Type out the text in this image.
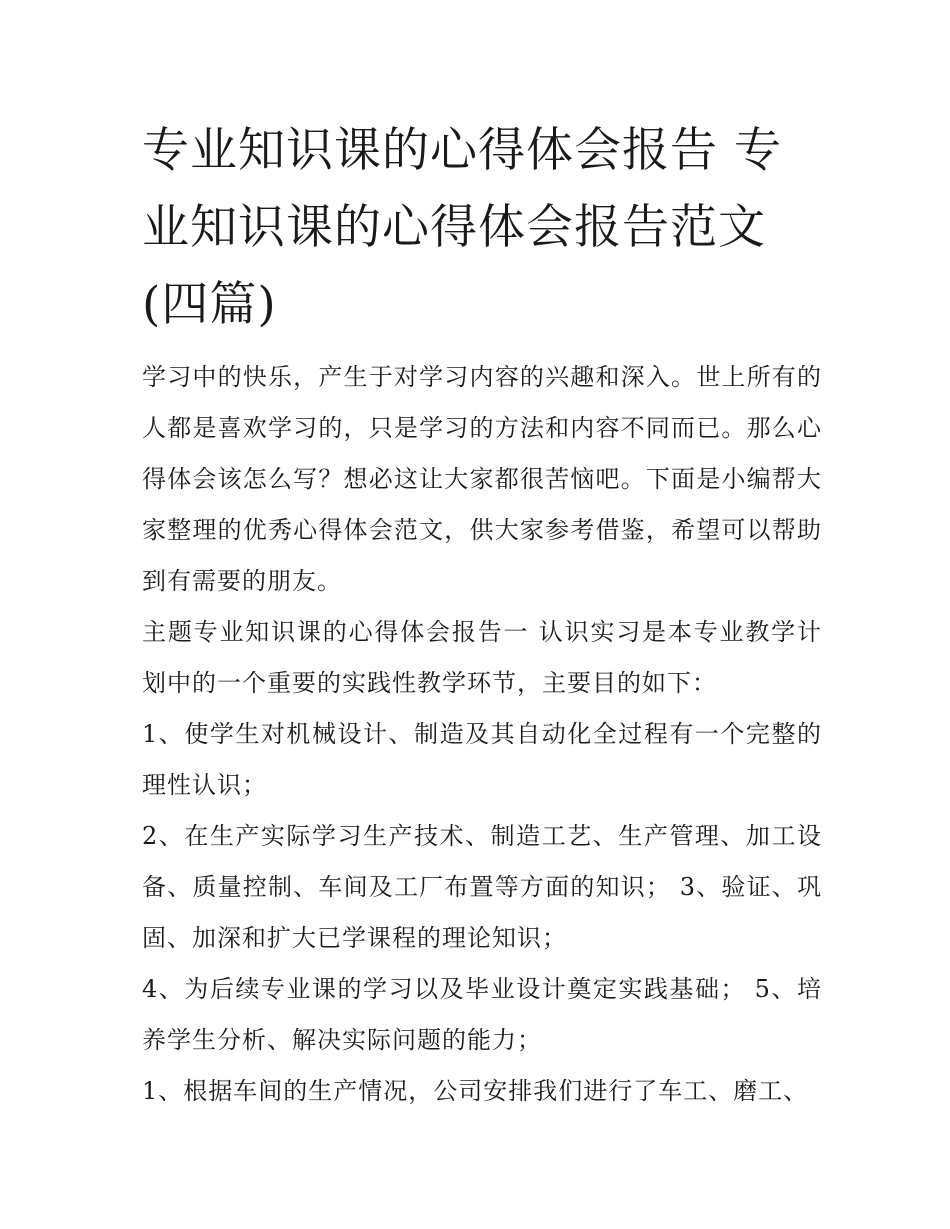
专业知识课的心得体会报告 专业知识课的心得体会报告范文(四篇)

学习中的快乐，产生于对学习内容的兴趣和深入。世上所有的人都是喜欢学习的，只是学习的方法和内容不同而已。那么心得体会该怎么写？想必这让大家都很苦恼吧。下面是小编帮大家整理的优秀心得体会范文，供大家参考借鉴，希望可以帮助到有需要的朋友。

主题专业知识课的心得体会报告一 认识实习是本专业教学计划中的一个重要的实践性教学环节，主要目的如下：

1、使学生对机械设计、制造及其自动化全过程有一个完整的理性认识；

2、在生产实际学习生产技术、制造工艺、生产管理、加工设备、质量控制、车间及工厂布置等方面的知识； 3、验证、巩固、加深和扩大已学课程的理论知识；

4、为后续专业课的学习以及毕业设计奠定实践基础； 5、培养学生分析、解决实际问题的能力；

1、根据车间的生产情况，公司安排我们进行了车工、磨工、
